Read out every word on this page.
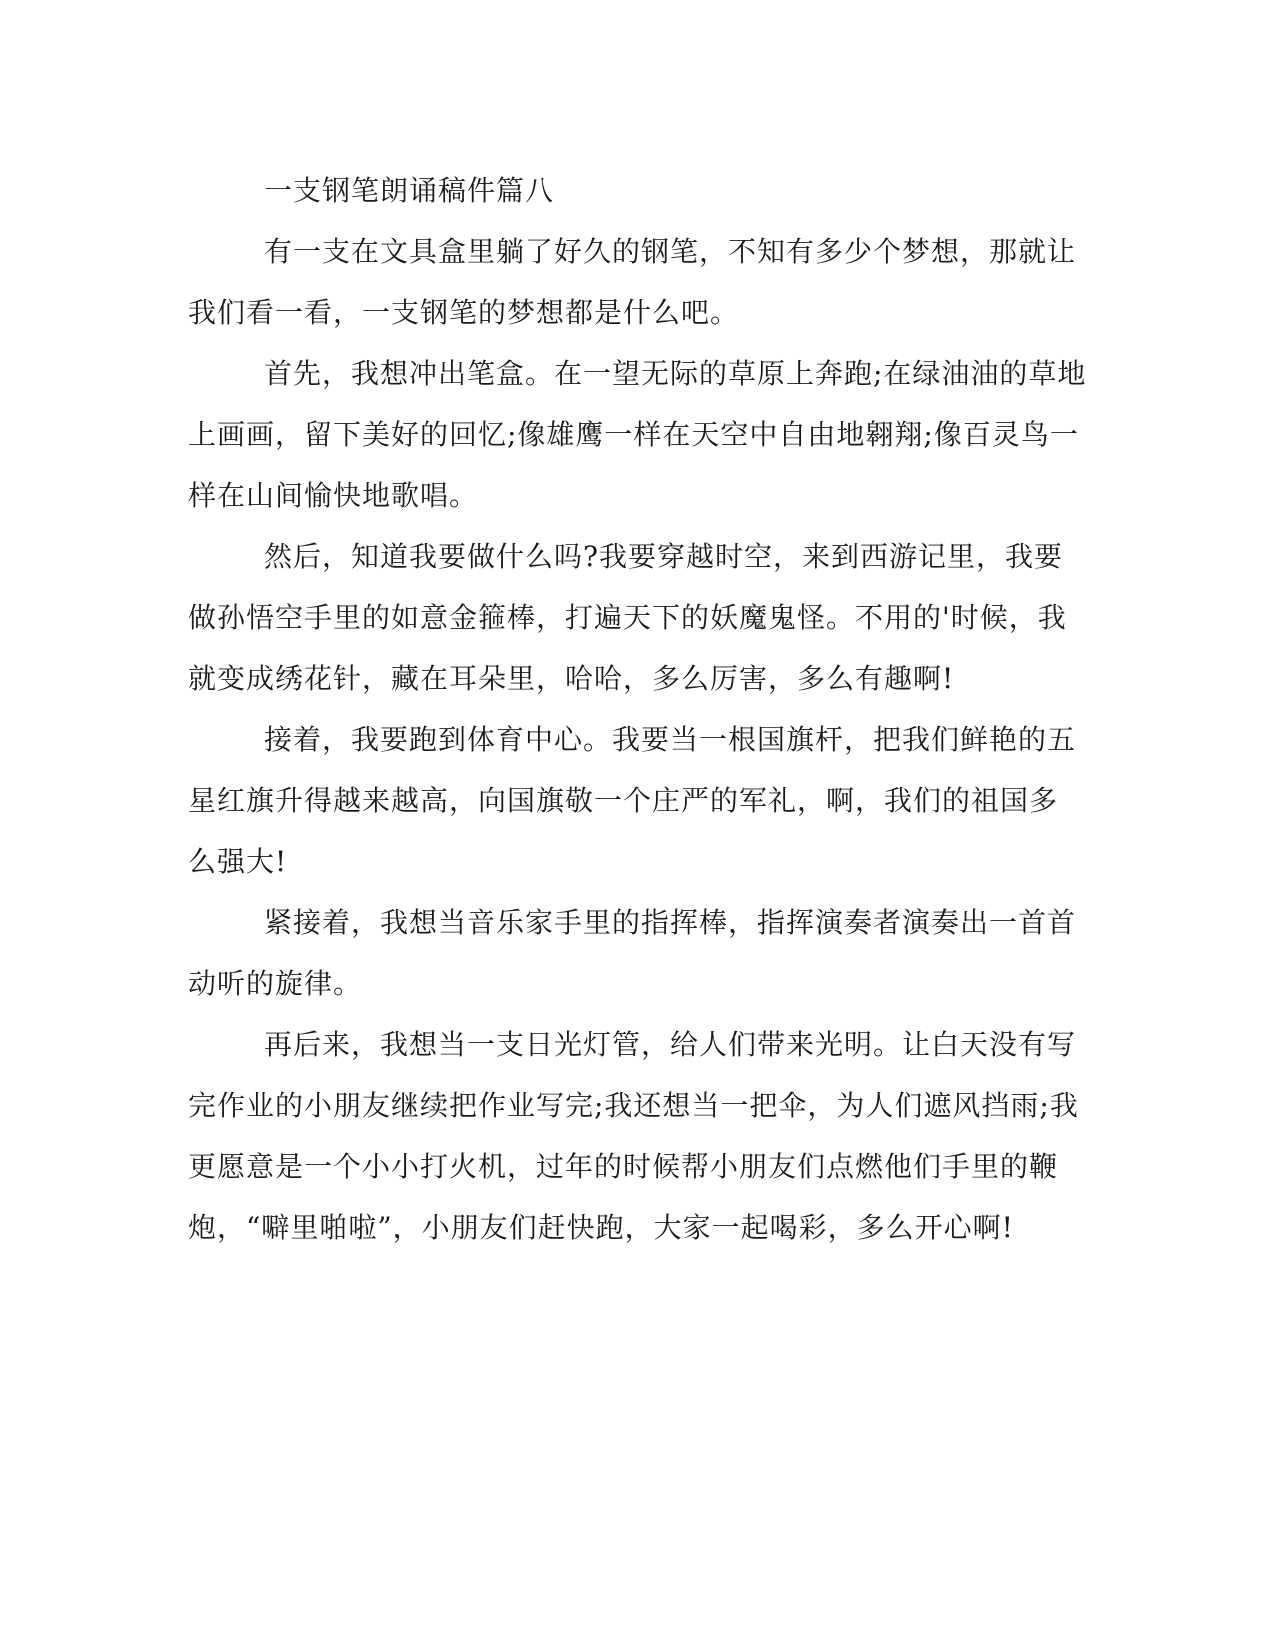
一支钢笔朗诵稿件篇八

有一支在文具盒里躺了好久的钢笔，不知有多少个梦想，那就让
我们看一看，一支钢笔的梦想都是什么吧。

首先，我想冲出笔盒。在一望无际的草原上奔跑;在绿油油的草地
上画画，留下美好的回忆;像雄鹰一样在天空中自由地翱翔;像百灵鸟一
样在山间愉快地歌唱。

然后，知道我要做什么吗?我要穿越时空，来到西游记里，我要
做孙悟空手里的如意金箍棒，打遍天下的妖魔鬼怪。不用的'时候，我
就变成绣花针，藏在耳朵里，哈哈，多么厉害，多么有趣啊!

接着，我要跑到体育中心。我要当一根国旗杆，把我们鲜艳的五
星红旗升得越来越高，向国旗敬一个庄严的军礼，啊，我们的祖国多
么强大!

紧接着，我想当音乐家手里的指挥棒，指挥演奏者演奏出一首首
动听的旋律。

再后来，我想当一支日光灯管，给人们带来光明。让白天没有写
完作业的小朋友继续把作业写完;我还想当一把伞，为人们遮风挡雨;我
更愿意是一个小小打火机，过年的时候帮小朋友们点燃他们手里的鞭
炮，“噼里啪啦”，小朋友们赶快跑，大家一起喝彩，多么开心啊!
